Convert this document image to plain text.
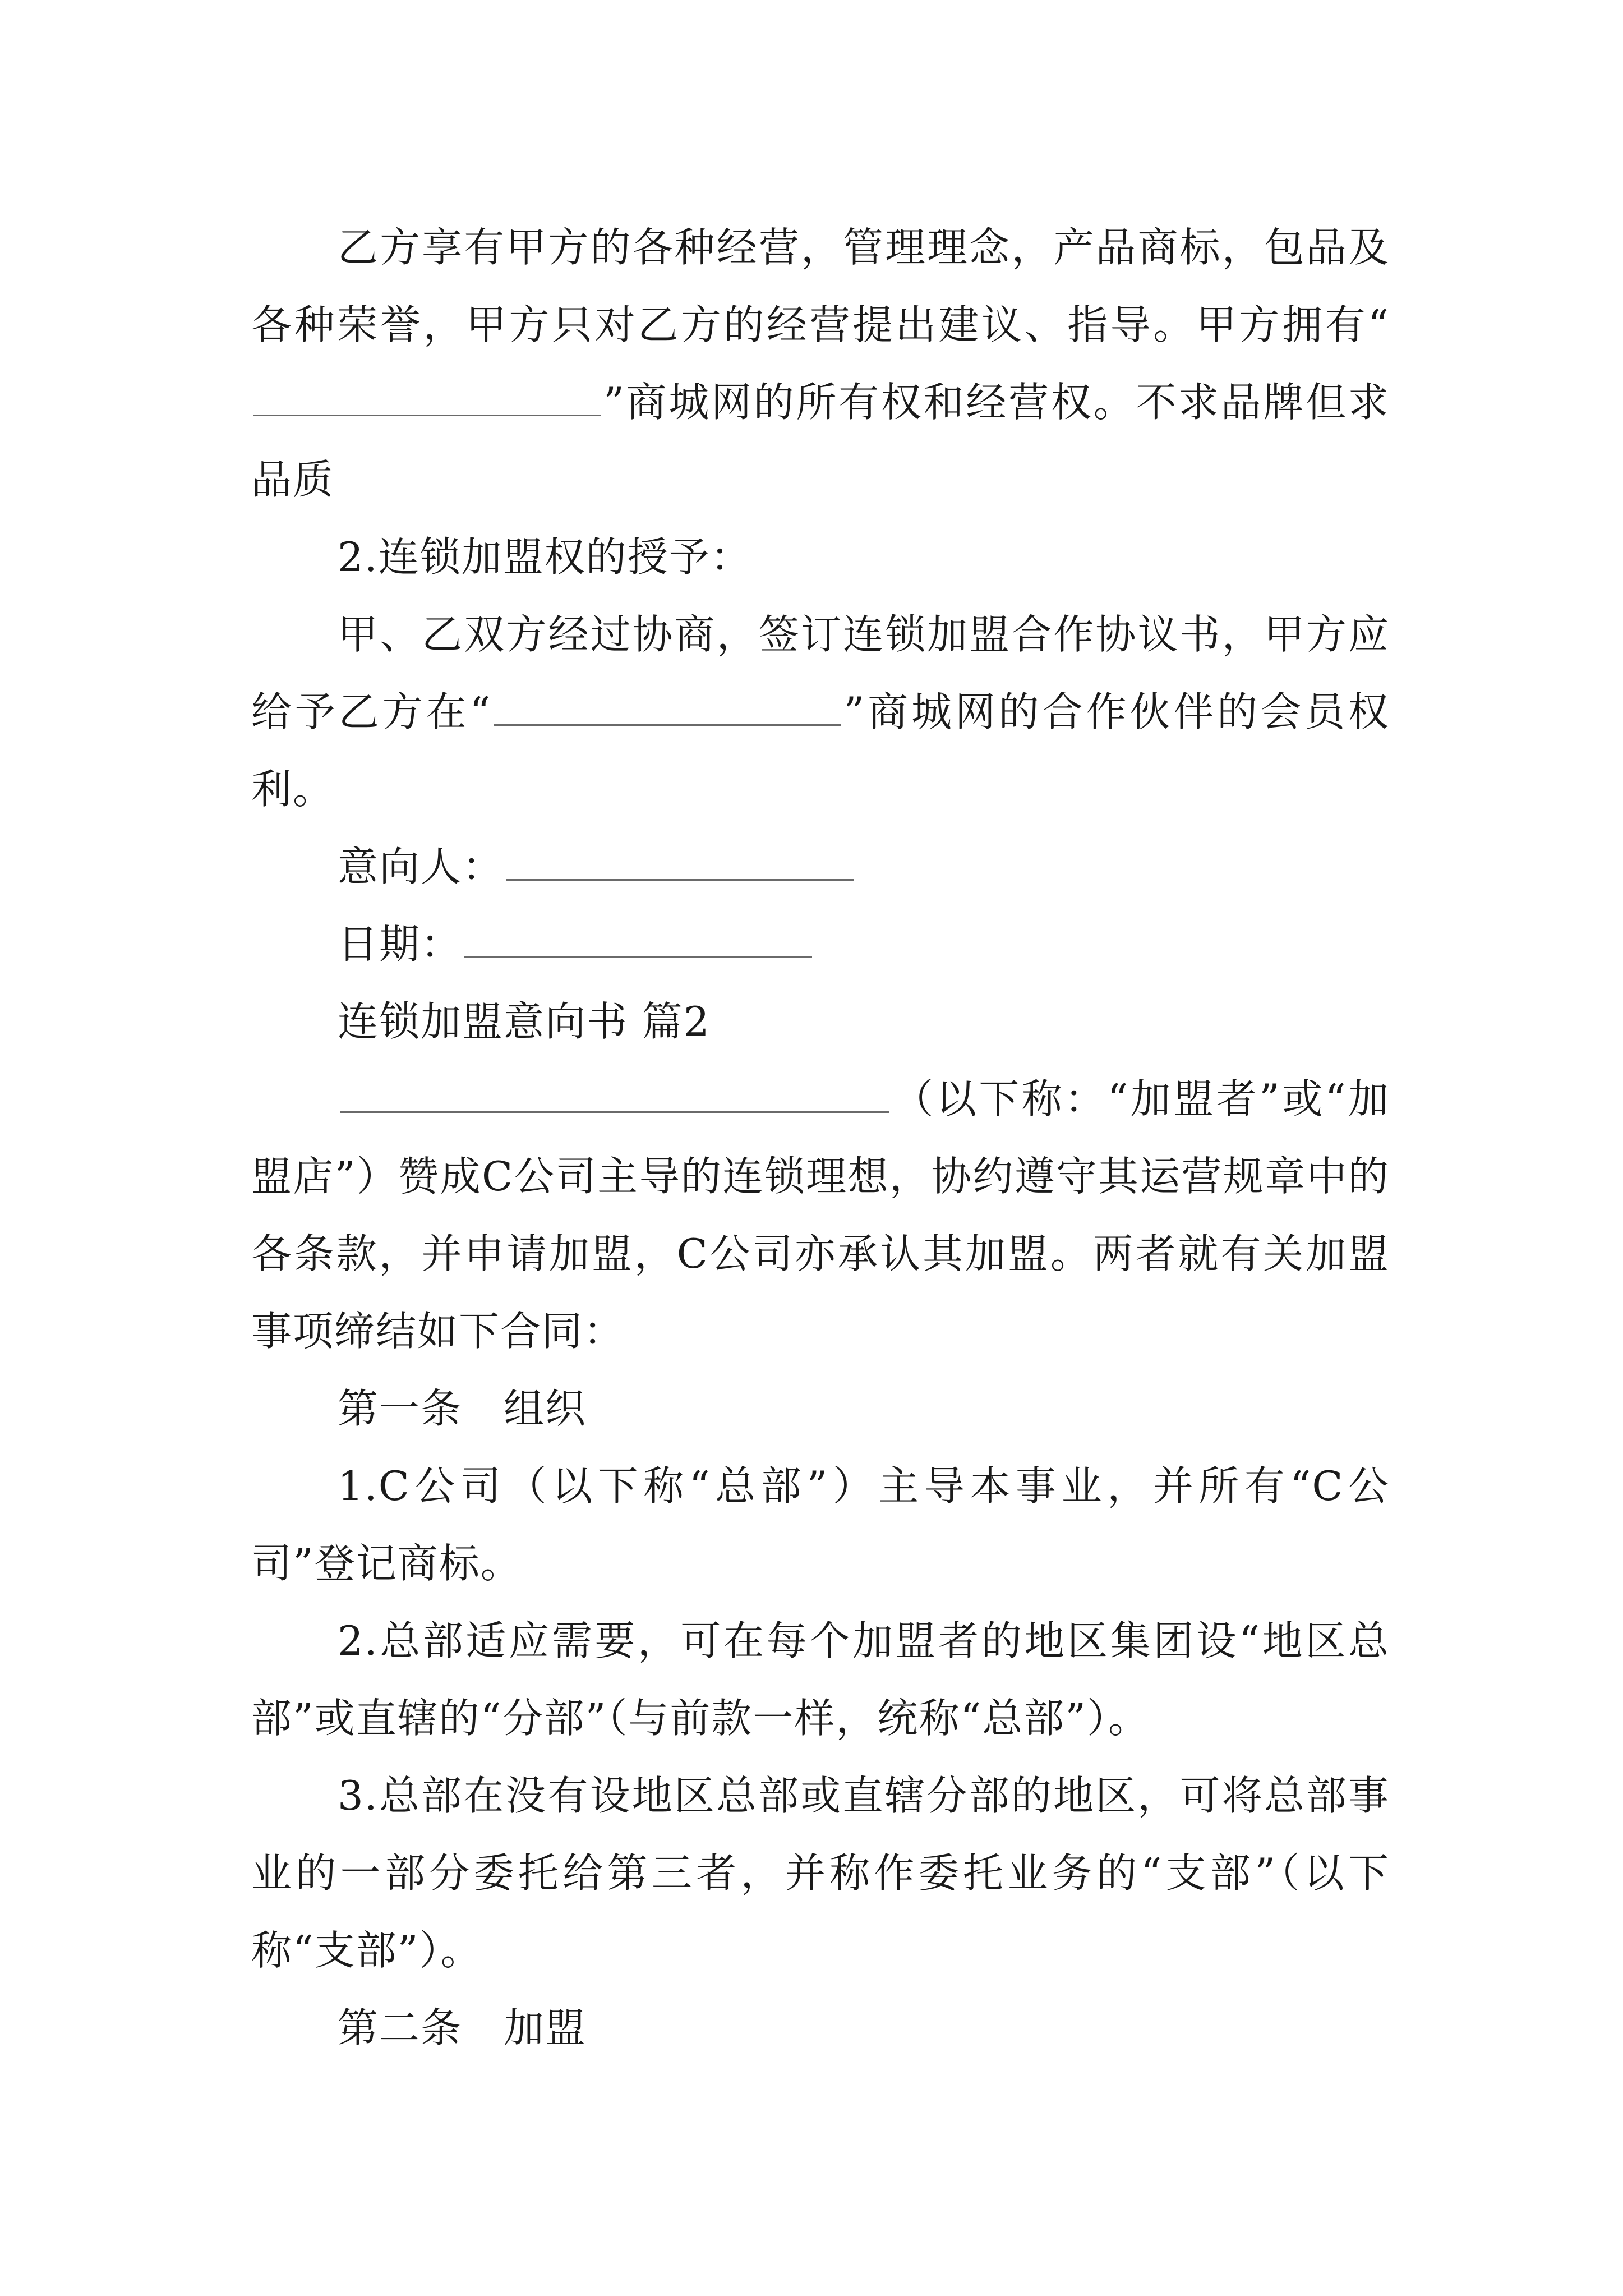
乙方享有甲方的各种经营，管理理念，产品商标，包品及各种荣誉，甲方只对乙方的经营提出建议、指导。甲方拥有“”商城网的所有权和经营权。不求品牌但求品质

2.连锁加盟权的授予：

甲、乙双方经过协商，签订连锁加盟合作协议书，甲方应给予乙方在“	”商城网的合作伙伴的会员权利。

意向人：

日期：

连锁加盟意向书 篇2

（以下称：“加盟者”或“加盟店”）赞成C公司主导的连锁理想，协约遵守其运营规章中的各条款，并申请加盟，C公司亦承认其加盟。两者就有关加盟事项缔结如下合同：

第一条　组织

1.C公司（以下称“总部”）主导本事业，并所有“C公司”登记商标。

2.总部适应需要，可在每个加盟者的地区集团设“地区总部”或直辖的“分部”（与前款一样，统称“总部”）。

3.总部在没有设地区总部或直辖分部的地区，可将总部事业的一部分委托给第三者，并称作委托业务的“支部”（以下称“支部”）。

第二条　加盟
